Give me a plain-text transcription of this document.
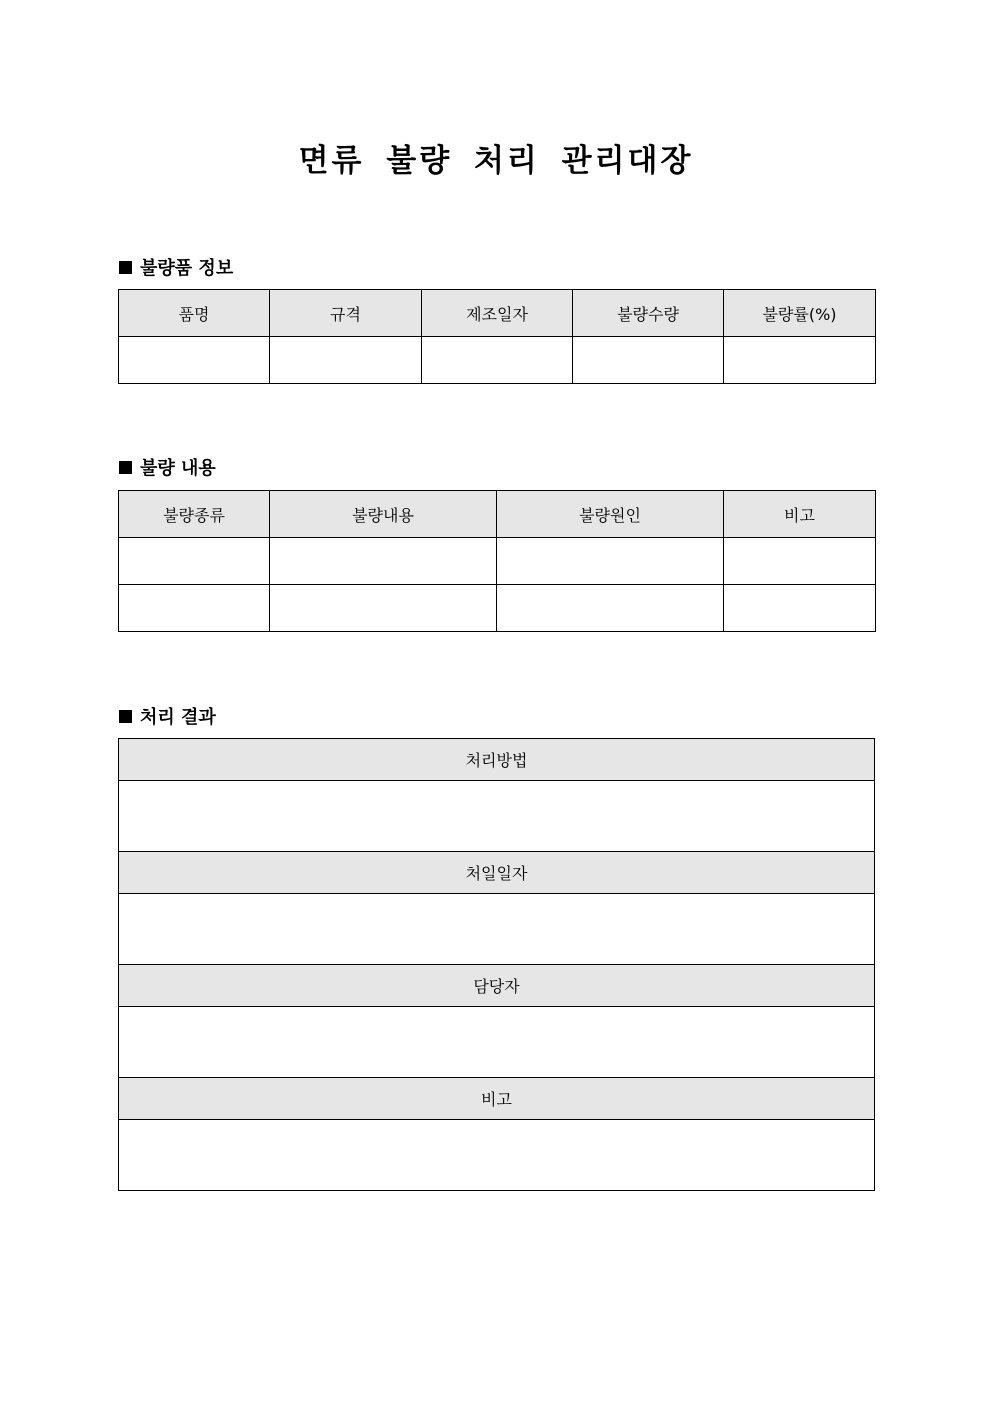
면류 불량 처리 관리대장
불량품 정보
품명	규격	제조일자	불량수량	불량률(%)

불량 내용
불량종류	불량내용	불량원인	비고

처리 결과
처리방법

처일일자

담당자

비고
